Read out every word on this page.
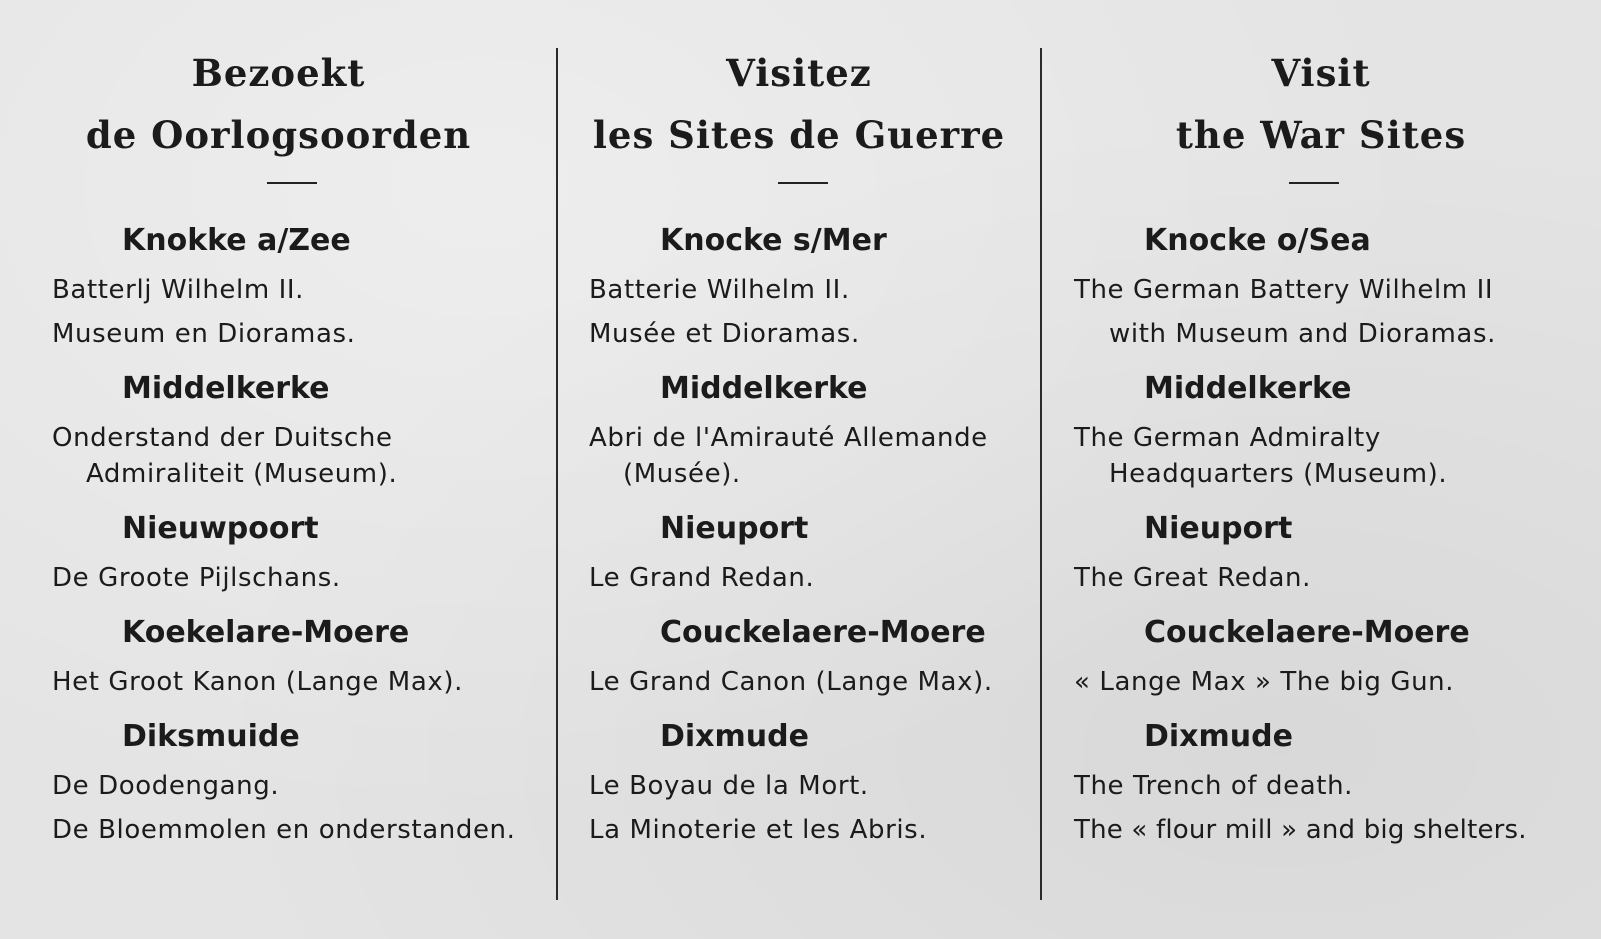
Bezoekt
de Oorlogsoorden
Knokke a/Zee
Batterlj Wilhelm II.
Museum en Dioramas.
Middelkerke
Onderstand der Duitsche
Admiraliteit (Museum).
Nieuwpoort
De Groote Pijlschans.
Koekelare-Moere
Het Groot Kanon (Lange Max).
Diksmuide
De Doodengang.
De Bloemmolen en onderstanden.
Visitez
les Sites de Guerre
Knocke s/Mer
Batterie Wilhelm II.
Musée et Dioramas.
Middelkerke
Abri de l'Amirauté Allemande
(Musée).
Nieuport
Le Grand Redan.
Couckelaere-Moere
Le Grand Canon (Lange Max).
Dixmude
Le Boyau de la Mort.
La Minoterie et les Abris.
Visit
the War Sites
Knocke o/Sea
The German Battery Wilhelm II
with Museum and Dioramas.
Middelkerke
The German Admiralty
Headquarters (Museum).
Nieuport
The Great Redan.
Couckelaere-Moere
« Lange Max » The big Gun.
Dixmude
The Trench of death.
The « flour mill » and big shelters.
